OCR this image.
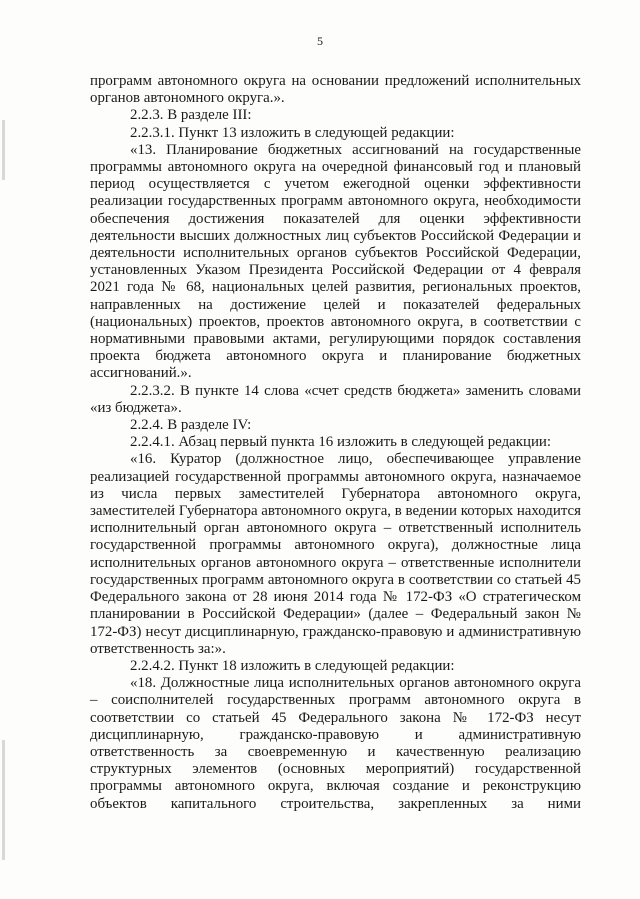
5

программ автономного округа на основании предложений исполнительных органов автономного округа.».

2.2.3. В разделе III:

2.2.3.1. Пункт 13 изложить в следующей редакции:

«13. Планирование бюджетных ассигнований на государственные программы автономного округа на очередной финансовый год и плановый период осуществляется с учетом ежегодной оценки эффективности реализации государственных программ автономного округа, необходимости обеспечения достижения показателей для оценки эффективности деятельности высших должностных лиц субъектов Российской Федерации и деятельности исполнительных органов субъектов Российской Федерации, установленных Указом Президента Российской Федерации от 4 февраля 2021 года № 68, национальных целей развития, региональных проектов, направленных на достижение целей и показателей федеральных (национальных) проектов, проектов автономного округа, в соответствии с нормативными правовыми актами, регулирующими порядок составления проекта бюджета автономного округа и планирование бюджетных ассигнований.».

2.2.3.2. В пункте 14 слова «счет средств бюджета» заменить словами «из бюджета».

2.2.4. В разделе IV:

2.2.4.1. Абзац первый пункта 16 изложить в следующей редакции:

«16. Куратор (должностное лицо, обеспечивающее управление реализацией государственной программы автономного округа, назначаемое из числа первых заместителей Губернатора автономного округа, заместителей Губернатора автономного округа, в ведении которых находится исполнительный орган автономного округа – ответственный исполнитель государственной программы автономного округа), должностные лица исполнительных органов автономного округа – ответственные исполнители государственных программ автономного округа в соответствии со статьей 45 Федерального закона от 28 июня 2014 года № 172-ФЗ «О стратегическом планировании в Российской Федерации» (далее – Федеральный закон № 172-ФЗ) несут дисциплинарную, гражданско-правовую и административную ответственность за:».

2.2.4.2. Пункт 18 изложить в следующей редакции:

«18. Должностные лица исполнительных органов автономного округа – соисполнителей государственных программ автономного округа в соответствии со статьей 45 Федерального закона № 172-ФЗ несут дисциплинарную, гражданско-правовую и административную ответственность за своевременную и качественную реализацию структурных элементов (основных мероприятий) государственной программы автономного округа, включая создание и реконструкцию объектов капитального строительства, закрепленных за ними
